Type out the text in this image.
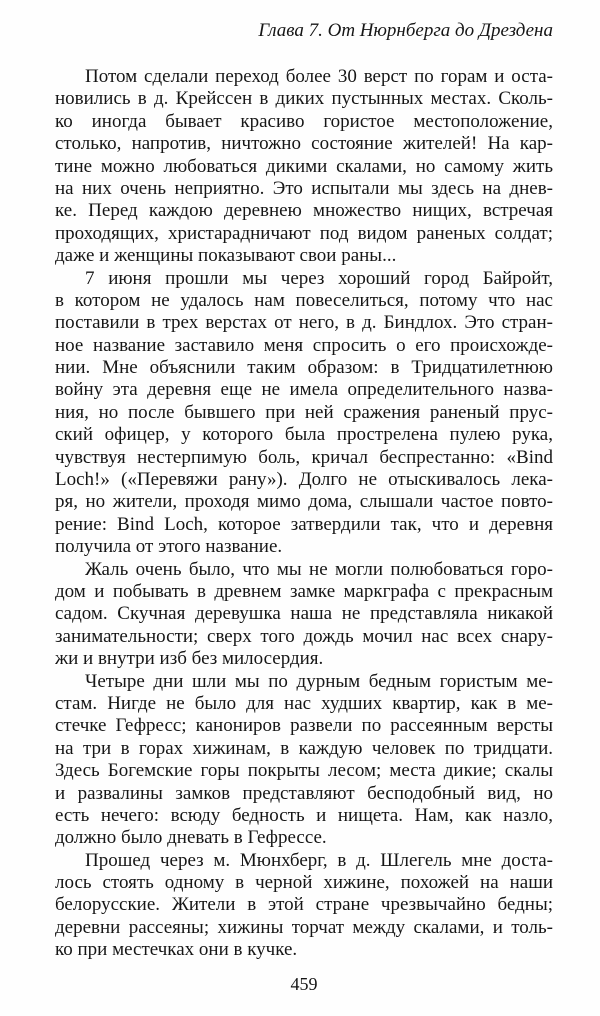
Глава 7. От Нюрнберга до Дрездена
Потом сделали переход более 30 верст по горам и оста-
новились в д. Крейссен в диких пустынных местах. Сколь-
ко иногда бывает красиво гористое местоположение,
столько, напротив, ничтожно состояние жителей! На кар-
тине можно любоваться дикими скалами, но самому жить
на них очень неприятно. Это испытали мы здесь на днев-
ке. Перед каждою деревнею множество нищих, встречая
проходящих, христарадничают под видом раненых солдат;
даже и женщины показывают свои раны...
7 июня прошли мы через хороший город Байройт,
в котором не удалось нам повеселиться, потому что нас
поставили в трех верстах от него, в д. Биндлох. Это стран-
ное название заставило меня спросить о его происхожде-
нии. Мне объяснили таким образом: в Тридцатилетнюю
войну эта деревня еще не имела определительного назва-
ния, но после бывшего при ней сражения раненый прус-
ский офицер, у которого была прострелена пулею рука,
чувствуя нестерпимую боль, кричал беспрестанно: «Bind
Loch!» («Перевяжи рану»). Долго не отыскивалось лека-
ря, но жители, проходя мимо дома, слышали частое повто-
рение: Bind Loch, которое затвердили так, что и деревня
получила от этого название.
Жаль очень было, что мы не могли полюбоваться горо-
дом и побывать в древнем замке маркграфа с прекрасным
садом. Скучная деревушка наша не представляла никакой
занимательности; сверх того дождь мочил нас всех снару-
жи и внутри изб без милосердия.
Четыре дни шли мы по дурным бедным гористым ме-
стам. Нигде не было для нас худших квартир, как в ме-
стечке Гефресс; канониров развели по рассеянным версты
на три в горах хижинам, в каждую человек по тридцати.
Здесь Богемские горы покрыты лесом; места дикие; скалы
и развалины замков представляют бесподобный вид, но
есть нечего: всюду бедность и нищета. Нам, как назло,
должно было дневать в Гефрессе.
Прошед через м. Мюнхберг, в д. Шлегель мне доста-
лось стоять одному в черной хижине, похожей на наши
белорусские. Жители в этой стране чрезвычайно бедны;
деревни рассеяны; хижины торчат между скалами, и толь-
ко при местечках они в кучке.
459
